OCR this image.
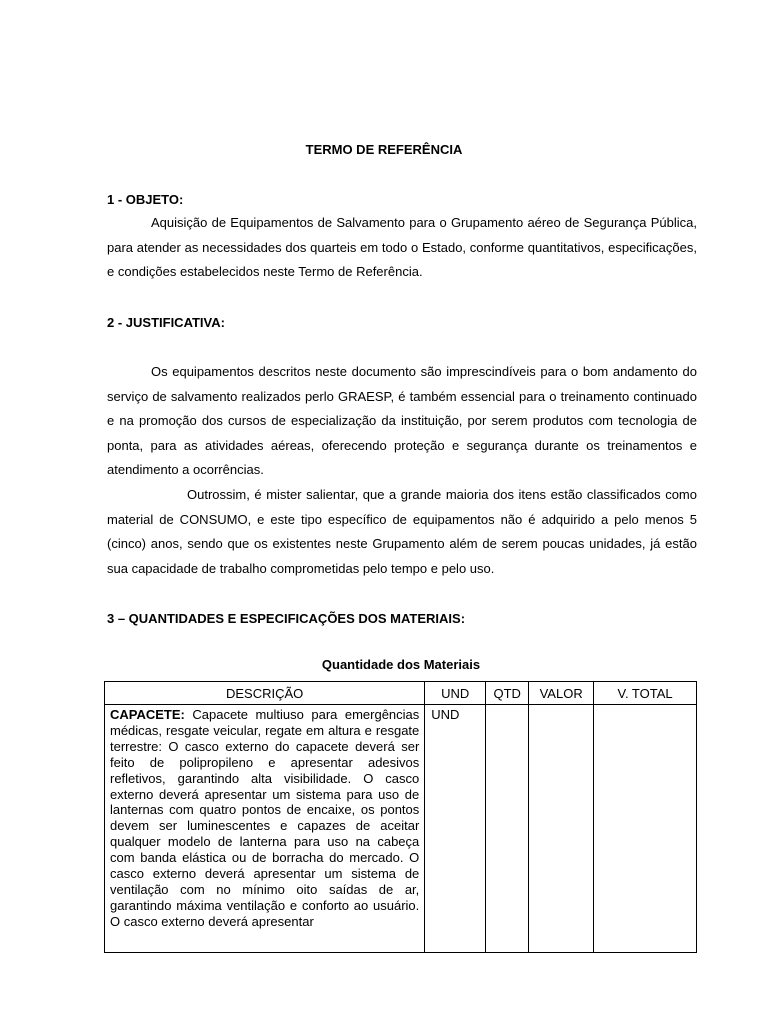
TERMO DE REFERÊNCIA
1 - OBJETO:

Aquisição de Equipamentos de Salvamento para o Grupamento aéreo de Segurança Pública, para atender as necessidades dos quarteis em todo o Estado, conforme quantitativos, especificações, e condições estabelecidos neste Termo de Referência.

2 - JUSTIFICATIVA:

Os equipamentos descritos neste documento são imprescindíveis para o bom andamento do serviço de salvamento realizados perlo GRAESP, é também essencial para o treinamento continuado e na promoção dos cursos de especialização da instituição, por serem produtos com tecnologia de ponta, para as atividades aéreas, oferecendo proteção e segurança durante os treinamentos e atendimento a ocorrências.

Outrossim, é mister salientar, que a grande maioria dos itens estão classificados como material de CONSUMO, e este tipo específico de equipamentos não é adquirido a pelo menos 5 (cinco) anos, sendo que os existentes neste Grupamento além de serem poucas unidades, já estão sua capacidade de trabalho comprometidas pelo tempo e pelo uso.

3 – QUANTIDADES E ESPECIFICAÇÕES DOS MATERIAIS:
Quantidade dos Materiais
DESCRIÇÃO	UND	QTD	VALOR	V. TOTAL
CAPACETE: Capacete multiuso para emergências médicas, resgate veicular, regate em altura e resgate terrestre: O casco externo do capacete deverá ser feito de polipropileno e apresentar adesivos refletivos, garantindo alta visibilidade. O casco externo deverá apresentar um sistema para uso de lanternas com quatro pontos de encaixe, os pontos devem ser luminescentes e capazes de aceitar qualquer modelo de lanterna para uso na cabeça com banda elástica ou de borracha do mercado. O casco externo deverá apresentar um sistema de ventilação com no mínimo oito saídas de ar, garantindo máxima ventilação e conforto ao usuário. O casco externo deverá apresentar	UND			
